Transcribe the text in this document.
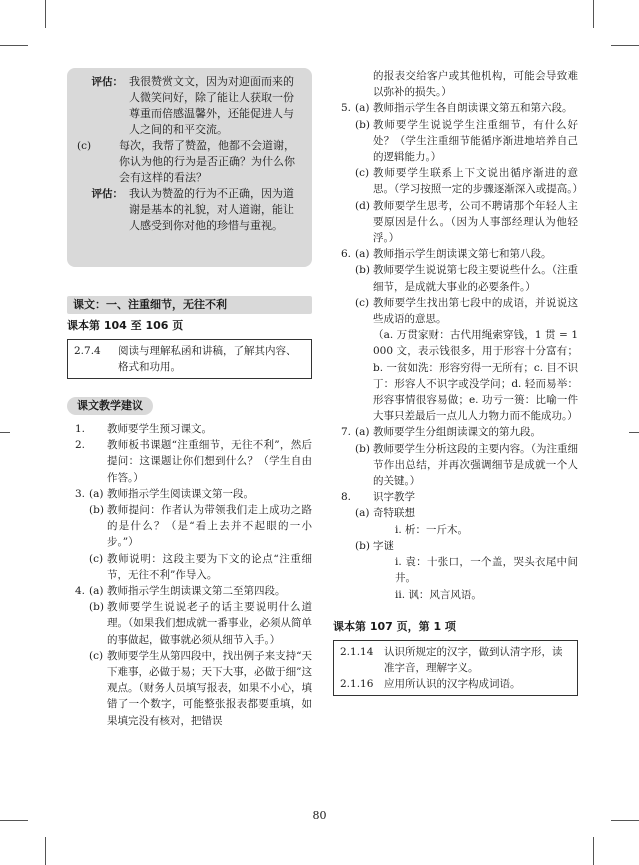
评估： 我很赞赏文文，因为对迎面而来的人微笑问好，除了能让人获取一份尊重而倍感温馨外，还能促进人与人之间的和平交流。
(c)	每次，我帮了赞盈，他都不会道谢，你认为他的行为是否正确？为什么你会有这样的看法？
评估： 我认为赞盈的行为不正确，因为道谢是基本的礼貌，对人道谢，能让人感受到你对他的珍惜与重视。
课文：一、注重细节，无往不利
课本第 104 至 106 页
2.7.4	阅读与理解私函和讲稿，了解其内容、格式和功用。
课文教学建议
1.	教师要学生预习课文。
2.	教师板书课题“注重细节，无往不利”，然后提问：这课题让你们想到什么？（学生自由作答。）
3. (a) 教师指示学生阅读课文第一段。
(b) 教师提问：作者认为带领我们走上成功之路的是什么？（是“看上去并不起眼的一小步。”）
(c) 教师说明：这段主要为下文的论点“注重细节，无往不利”作导入。
4. (a) 教师指示学生朗读课文第二至第四段。
(b) 教师要学生说说老子的话主要说明什么道理。（如果我们想成就一番事业，必须从简单的事做起，做事就必须从细节入手。）
(c) 教师要学生从第四段中，找出例子来支持“天下难事，必做于易；天下大事，必做于细”这观点。（财务人员填写报表，如果不小心，填错了一个数字，可能整张报表都要重填，如果填完没有核对，把错误
的报表交给客户或其他机构，可能会导致难以弥补的损失。）
5. (a) 教师指示学生各自朗读课文第五和第六段。
(b) 教师要学生说说学生注重细节，有什么好处？（学生注重细节能循序渐进地培养自己的逻辑能力。）
(c) 教师要学生联系上下文说出循序渐进的意思。（学习按照一定的步骤逐渐深入或提高。）
(d) 教师要学生思考，公司不聘请那个年轻人主要原因是什么。（因为人事部经理认为他轻浮。）
6. (a) 教师指示学生朗读课文第七和第八段。
(b) 教师要学生说说第七段主要说些什么。（注重细节，是成就大事业的必要条件。）
(c) 教师要学生找出第七段中的成语，并说说这些成语的意思。
（a. 万贯家财：古代用绳索穿钱，1 贯 = 1 000 文，表示钱很多，用于形容十分富有；b. 一贫如洗：形容穷得一无所有；c. 目不识丁：形容人不识字或没学问；d. 轻而易举：形容事情很容易做；e. 功亏一篑：比喻一件大事只差最后一点儿人力物力而不能成功。）
7. (a) 教师要学生分组朗读课文的第九段。
(b) 教师要学生分析这段的主要内容。（为注重细节作出总结，并再次强调细节是成就一个人的关键。）
8.	识字教学
(a) 奇特联想
i. 析：一斤木。
(b) 字谜
i. 袁：十张口，一个盖，哭头衣尾中间井。
ii. 讽：风言风语。
课本第 107 页，第 1 项
2.1.14	认识所规定的汉字，做到认清字形，读准字音，理解字义。
2.1.16	应用所认识的汉字构成词语。
80
